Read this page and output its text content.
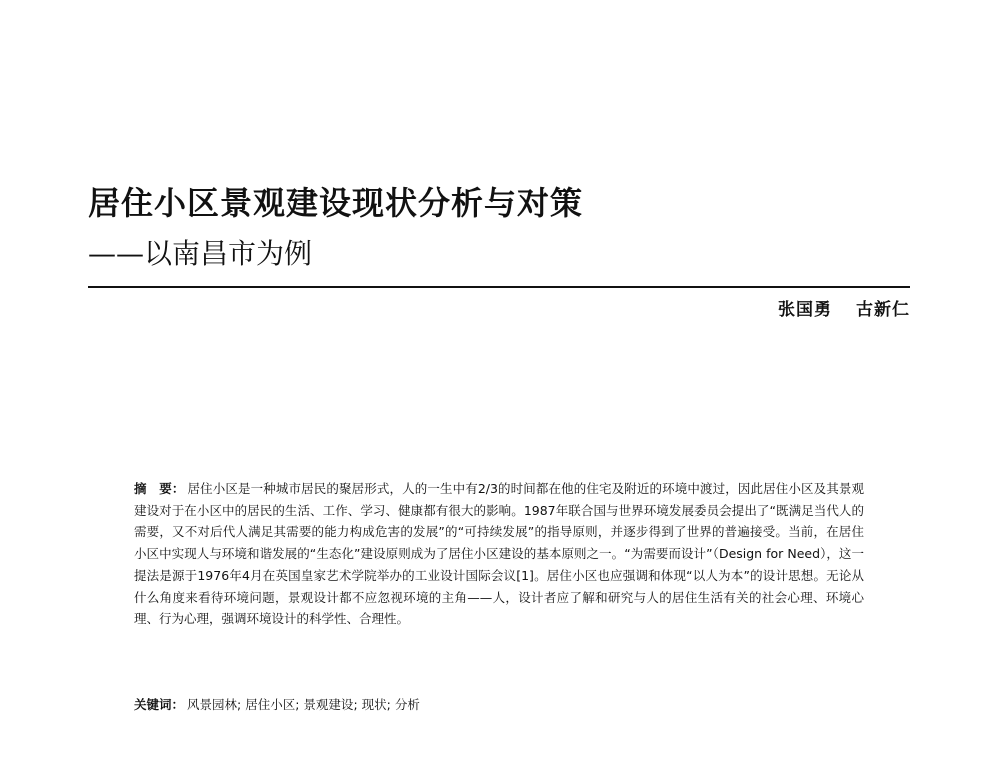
居住小区景观建设现状分析与对策
——以南昌市为例
张国勇 古新仁
摘　要： 居住小区是一种城市居民的聚居形式，人的一生中有2/3的时间都在他的住宅及附近的环境中渡过，因此居住小区及其景观建设对于在小区中的居民的生活、工作、学习、健康都有很大的影响。1987年联合国与世界环境发展委员会提出了“既满足当代人的需要，又不对后代人满足其需要的能力构成危害的发展”的“可持续发展”的指导原则，并逐步得到了世界的普遍接受。当前，在居住小区中实现人与环境和谐发展的“生态化”建设原则成为了居住小区建设的基本原则之一。“为需要而设计”（Design for Need），这一提法是源于1976年4月在英国皇家艺术学院举办的工业设计国际会议[1]。居住小区也应强调和体现“以人为本”的设计思想。无论从什么角度来看待环境问题，景观设计都不应忽视环境的主角——人，设计者应了解和研究与人的居住生活有关的社会心理、环境心理、行为心理，强调环境设计的科学性、合理性。
关键词： 风景园林 ; 居住小区 ; 景观建设 ; 现状 ; 分析
